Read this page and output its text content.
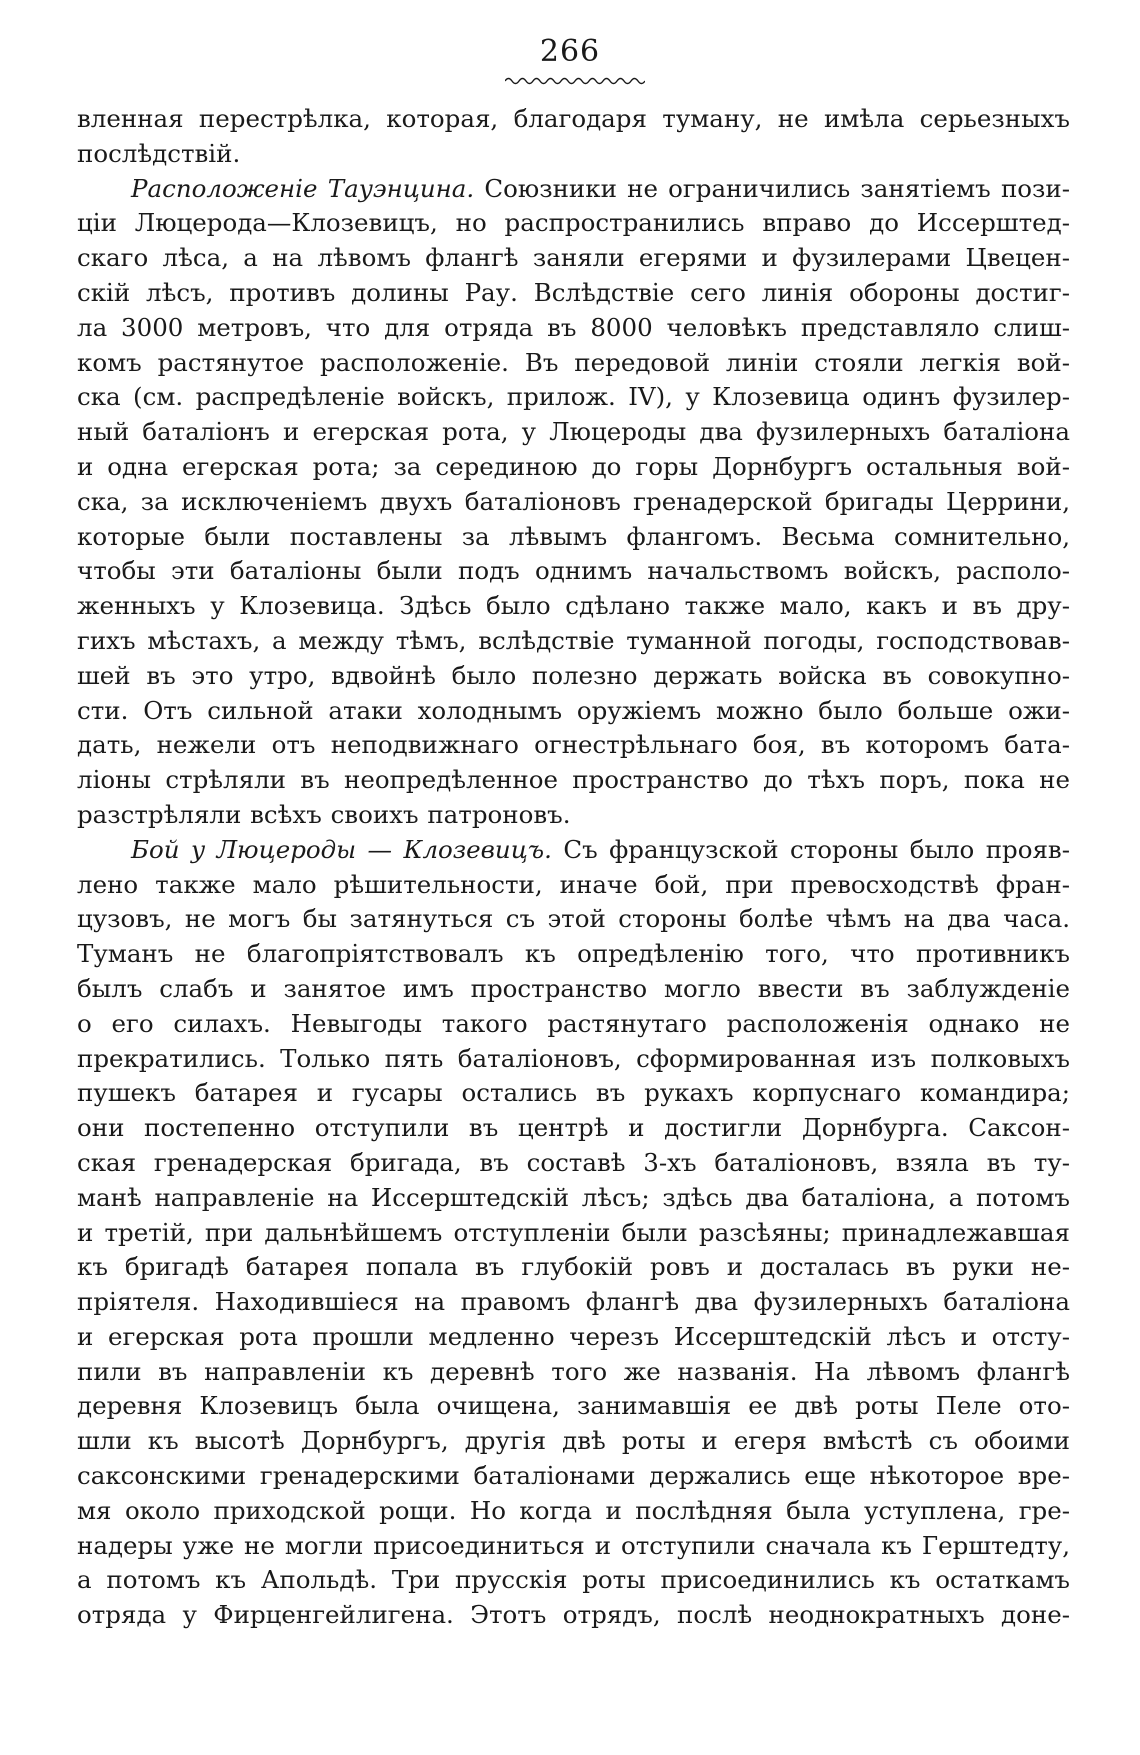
266
вленная перестрѣлка, которая, благодаря туману, не имѣла серьезныхъ
послѣдствій.
Расположеніе Тауэнцина. Союзники не ограничились занятіемъ пози-
ціи Люцерода—Клозевицъ, но распространились вправо до Иссерштед-
скаго лѣса, а на лѣвомъ флангѣ заняли егерями и фузилерами Цвецен-
скій лѣсъ, противъ долины Рау. Вслѣдствіе сего линія обороны достиг-
ла 3000 метровъ, что для отряда въ 8000 человѣкъ представляло слиш-
комъ растянутое расположеніе. Въ передовой линіи стояли легкія вой-
ска (см. распредѣленіе войскъ, прилож. IV), у Клозевица одинъ фузилер-
ный баталіонъ и егерская рота, у Люцероды два фузилерныхъ баталіона
и одна егерская рота; за серединою до горы Дорнбургъ остальныя вой-
ска, за исключеніемъ двухъ баталіоновъ гренадерской бригады Церрини,
которые были поставлены за лѣвымъ флангомъ. Весьма сомнительно,
чтобы эти баталіоны были подъ однимъ начальствомъ войскъ, располо-
женныхъ у Клозевица. Здѣсь было сдѣлано также мало, какъ и въ дру-
гихъ мѣстахъ, а между тѣмъ, вслѣдствіе туманной погоды, господствовав-
шей въ это утро, вдвойнѣ было полезно держать войска въ совокупно-
сти. Отъ сильной атаки холоднымъ оружіемъ можно было больше ожи-
дать, нежели отъ неподвижнаго огнестрѣльнаго боя, въ которомъ бата-
ліоны стрѣляли въ неопредѣленное пространство до тѣхъ поръ, пока не
разстрѣляли всѣхъ своихъ патроновъ.
Бой у Люцероды — Клозевицъ. Съ французской стороны было прояв-
лено также мало рѣшительности, иначе бой, при превосходствѣ фран-
цузовъ, не могъ бы затянуться съ этой стороны болѣе чѣмъ на два часа.
Туманъ не благопріятствовалъ къ опредѣленію того, что противникъ
былъ слабъ и занятое имъ пространство могло ввести въ заблужденіе
о его силахъ. Невыгоды такого растянутаго расположенія однако не
прекратились. Только пять баталіоновъ, сформированная изъ полковыхъ
пушекъ батарея и гусары остались въ рукахъ корпуснаго командира;
они постепенно отступили въ центрѣ и достигли Дорнбурга. Саксон-
ская гренадерская бригада, въ составѣ 3-хъ баталіоновъ, взяла въ ту-
манѣ направленіе на Иссерштедскій лѣсъ; здѣсь два баталіона, а потомъ
и третій, при дальнѣйшемъ отступленіи были разсѣяны; принадлежавшая
къ бригадѣ батарея попала въ глубокій ровъ и досталась въ руки не-
пріятеля. Находившіеся на правомъ флангѣ два фузилерныхъ баталіона
и егерская рота прошли медленно черезъ Иссерштедскій лѣсъ и отсту-
пили въ направленіи къ деревнѣ того же названія. На лѣвомъ флангѣ
деревня Клозевицъ была очищена, занимавшія ее двѣ роты Пеле ото-
шли къ высотѣ Дорнбургъ, другія двѣ роты и егеря вмѣстѣ съ обоими
саксонскими гренадерскими баталіонами держались еще нѣкоторое вре-
мя около приходской рощи. Но когда и послѣдняя была уступлена, гре-
надеры уже не могли присоединиться и отступили сначала къ Герштедту,
а потомъ къ Апольдѣ. Три прусскія роты присоединились къ остаткамъ
отряда у Фирценгейлигена. Этотъ отрядъ, послѣ неоднократныхъ доне-
